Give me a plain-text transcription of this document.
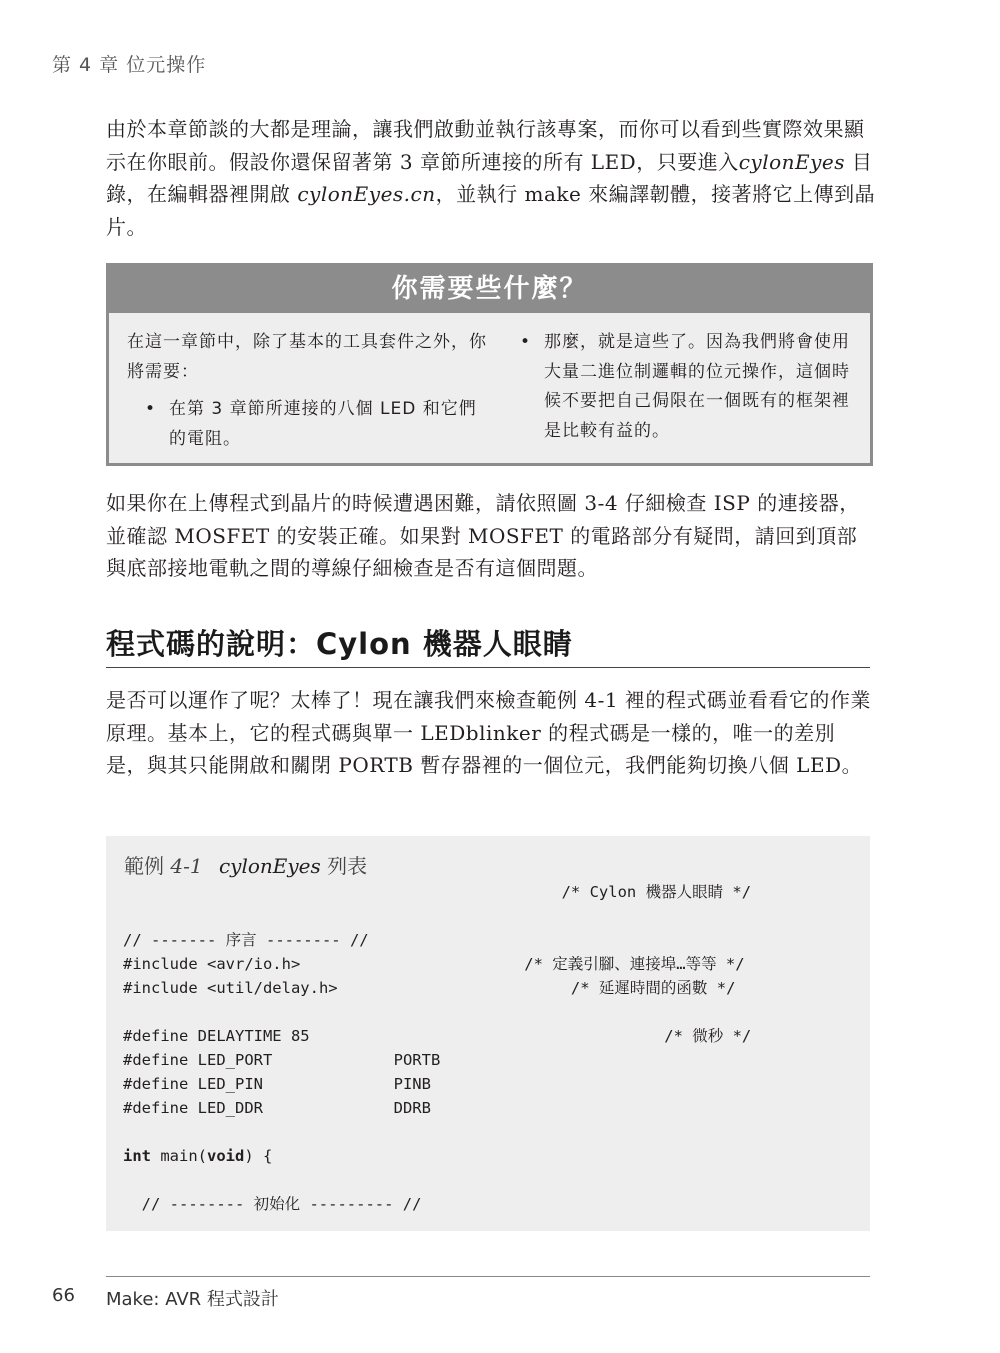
第 4 章 位元操作
由於本章節談的大都是理論，讓我們啟動並執行該專案，而你可以看到些實際效果顯示在你眼前。假設你還保留著第 3 章節所連接的所有 LED，只要進入cylonEyes 目錄，在編輯器裡開啟 cylonEyes.cn，並執行 make 來編譯韌體，接著將它上傳到晶片。
你需要些什麼？
在這一章節中，除了基本的工具套件之外，你將需要：
• 在第 3 章節所連接的八個 LED 和它們的電阻。
• 那麼，就是這些了。因為我們將會使用大量二進位制邏輯的位元操作，這個時候不要把自己侷限在一個既有的框架裡是比較有益的。
如果你在上傳程式到晶片的時候遭遇困難，請依照圖 3-4 仔細檢查 ISP 的連接器，並確認 MOSFET 的安裝正確。如果對 MOSFET 的電路部分有疑問，請回到頂部與底部接地電軌之間的導線仔細檢查是否有這個問題。
程式碼的說明：Cylon 機器人眼睛
是否可以運作了呢？太棒了！現在讓我們來檢查範例 4-1 裡的程式碼並看看它的作業原理。基本上，它的程式碼與單一 LEDblinker 的程式碼是一樣的，唯一的差別是，與其只能開啟和關閉 PORTB 暫存器裡的一個位元，我們能夠切換八個 LED。
範例 4-1 cylonEyes 列表
/* Cylon 機器人眼睛 */

// ------- 序言 -------- //
#include <avr/io.h>                        /* 定義引腳、連接埠…等等 */
#include <util/delay.h>                         /* 延遲時間的函數 */

#define DELAYTIME 85                                      /* 微秒 */
#define LED_PORT             PORTB
#define LED_PIN              PINB
#define LED_DDR              DDRB

int main(void) {

// -------- 初始化 --------- //
66 Make: AVR 程式設計
